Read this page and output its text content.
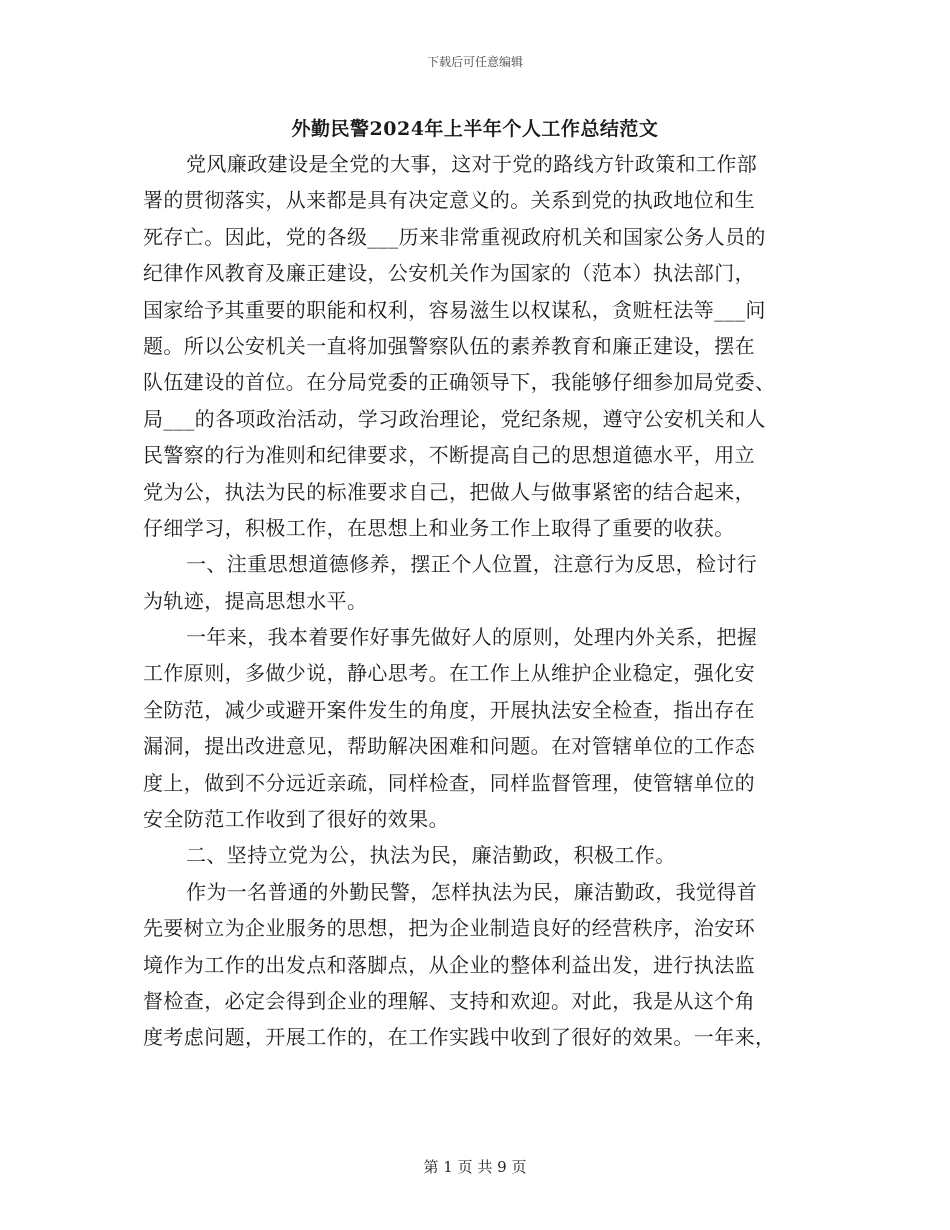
下载后可任意编辑
外勤民警2024年上半年个人工作总结范文
党风廉政建设是全党的大事，这对于党的路线方针政策和工作部
署的贯彻落实，从来都是具有决定意义的。关系到党的执政地位和生
死存亡。因此，党的各级___历来非常重视政府机关和国家公务人员的
纪律作风教育及廉正建设，公安机关作为国家的（范本）执法部门，
国家给予其重要的职能和权利，容易滋生以权谋私，贪赃枉法等___问
题。所以公安机关一直将加强警察队伍的素养教育和廉正建设，摆在
队伍建设的首位。在分局党委的正确领导下，我能够仔细参加局党委、
局___的各项政治活动，学习政治理论，党纪条规，遵守公安机关和人
民警察的行为准则和纪律要求，不断提高自己的思想道德水平，用立
党为公，执法为民的标准要求自己，把做人与做事紧密的结合起来，
仔细学习，积极工作，在思想上和业务工作上取得了重要的收获。
一、注重思想道德修养，摆正个人位置，注意行为反思，检讨行
为轨迹，提高思想水平。
一年来，我本着要作好事先做好人的原则，处理内外关系，把握
工作原则，多做少说，静心思考。在工作上从维护企业稳定，强化安
全防范，减少或避开案件发生的角度，开展执法安全检查，指出存在
漏洞，提出改进意见，帮助解决困难和问题。在对管辖单位的工作态
度上，做到不分远近亲疏，同样检查，同样监督管理，使管辖单位的
安全防范工作收到了很好的效果。
二、坚持立党为公，执法为民，廉洁勤政，积极工作。
作为一名普通的外勤民警，怎样执法为民，廉洁勤政，我觉得首
先要树立为企业服务的思想，把为企业制造良好的经营秩序，治安环
境作为工作的出发点和落脚点，从企业的整体利益出发，进行执法监
督检查，必定会得到企业的理解、支持和欢迎。对此，我是从这个角
度考虑问题，开展工作的，在工作实践中收到了很好的效果。一年来，
第 1 页 共 9 页
